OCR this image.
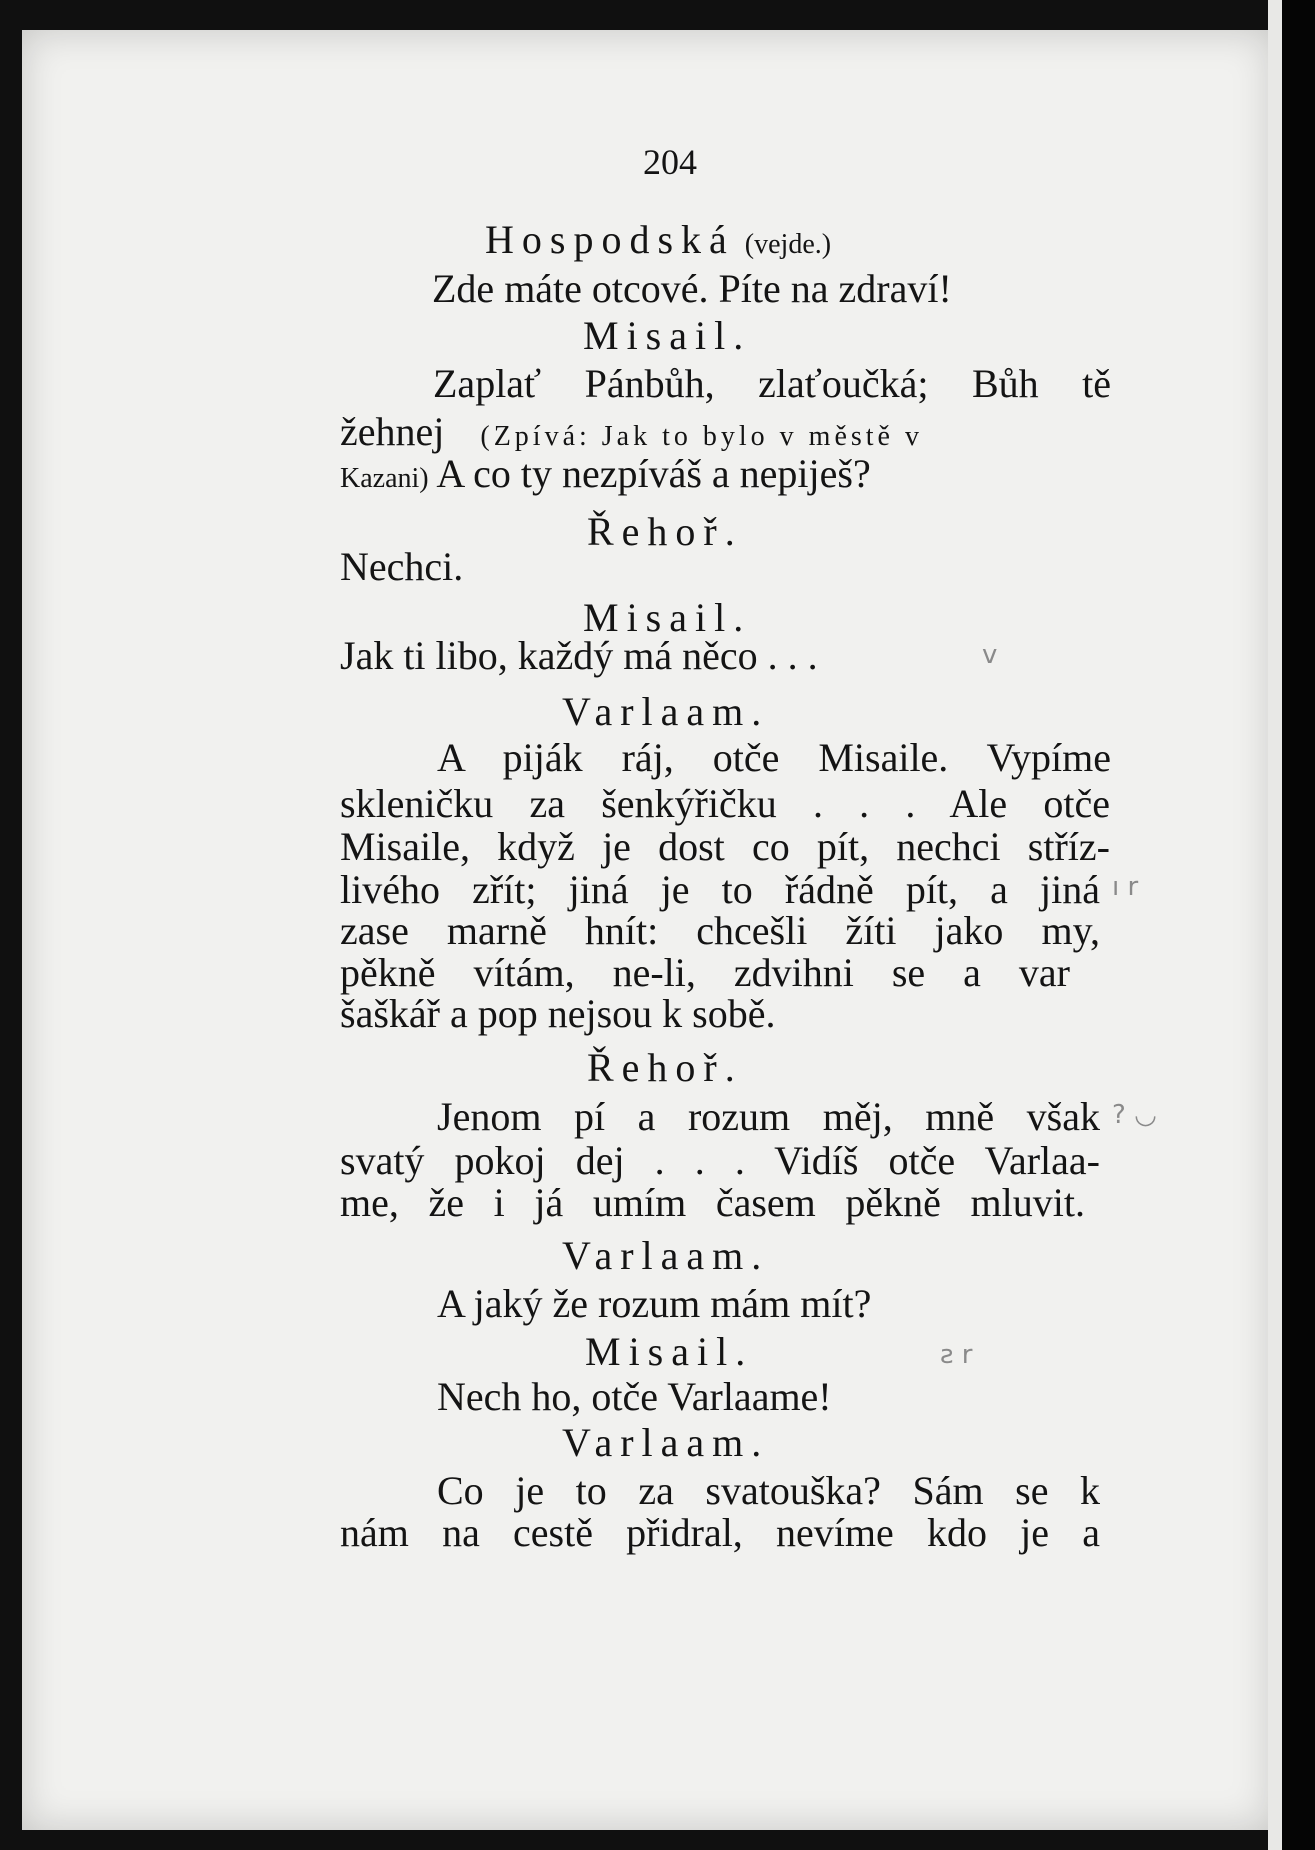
204
Hospodská (vejde.)
Zde máte otcové. Píte na zdraví!
Misail.
Zaplať Pánbůh, zlaťoučká; Bůh tě
žehnej (Zpívá: Jak to bylo v městě v
Kazani) A co ty nezpíváš a nepiješ?
Řehoř.
Nechci.
Misail.
Jak ti libo, každý má něco . . .
Varlaam.
A piják ráj, otče Misaile. Vypíme
skleničku za šenkýřičku . . . Ale otče
Misaile, když je dost co pít, nechci stříz-
livého zřít; jiná je to řádně pít, a jiná
zase marně hnít: chcešli žíti jako my,
pěkně vítám, ne-li, zdvihni se a var
šašk​ář a pop nejsou k sobě.
Řehoř.
Jenom pí a rozum měj, mně však
svatý pokoj dej . . . Vidíš otče Varlaa-
me, že i já umím časem pěkně mluvit.
Varlaam.
A jaký že rozum mám mít?
Misail.
Nech ho, otče Varlaame!
Varlaam.
Co je to za svatouška? Sám se k
nám na cestě přidral, nevíme kdo je a
v
ı r
? ◡
ƨ r
